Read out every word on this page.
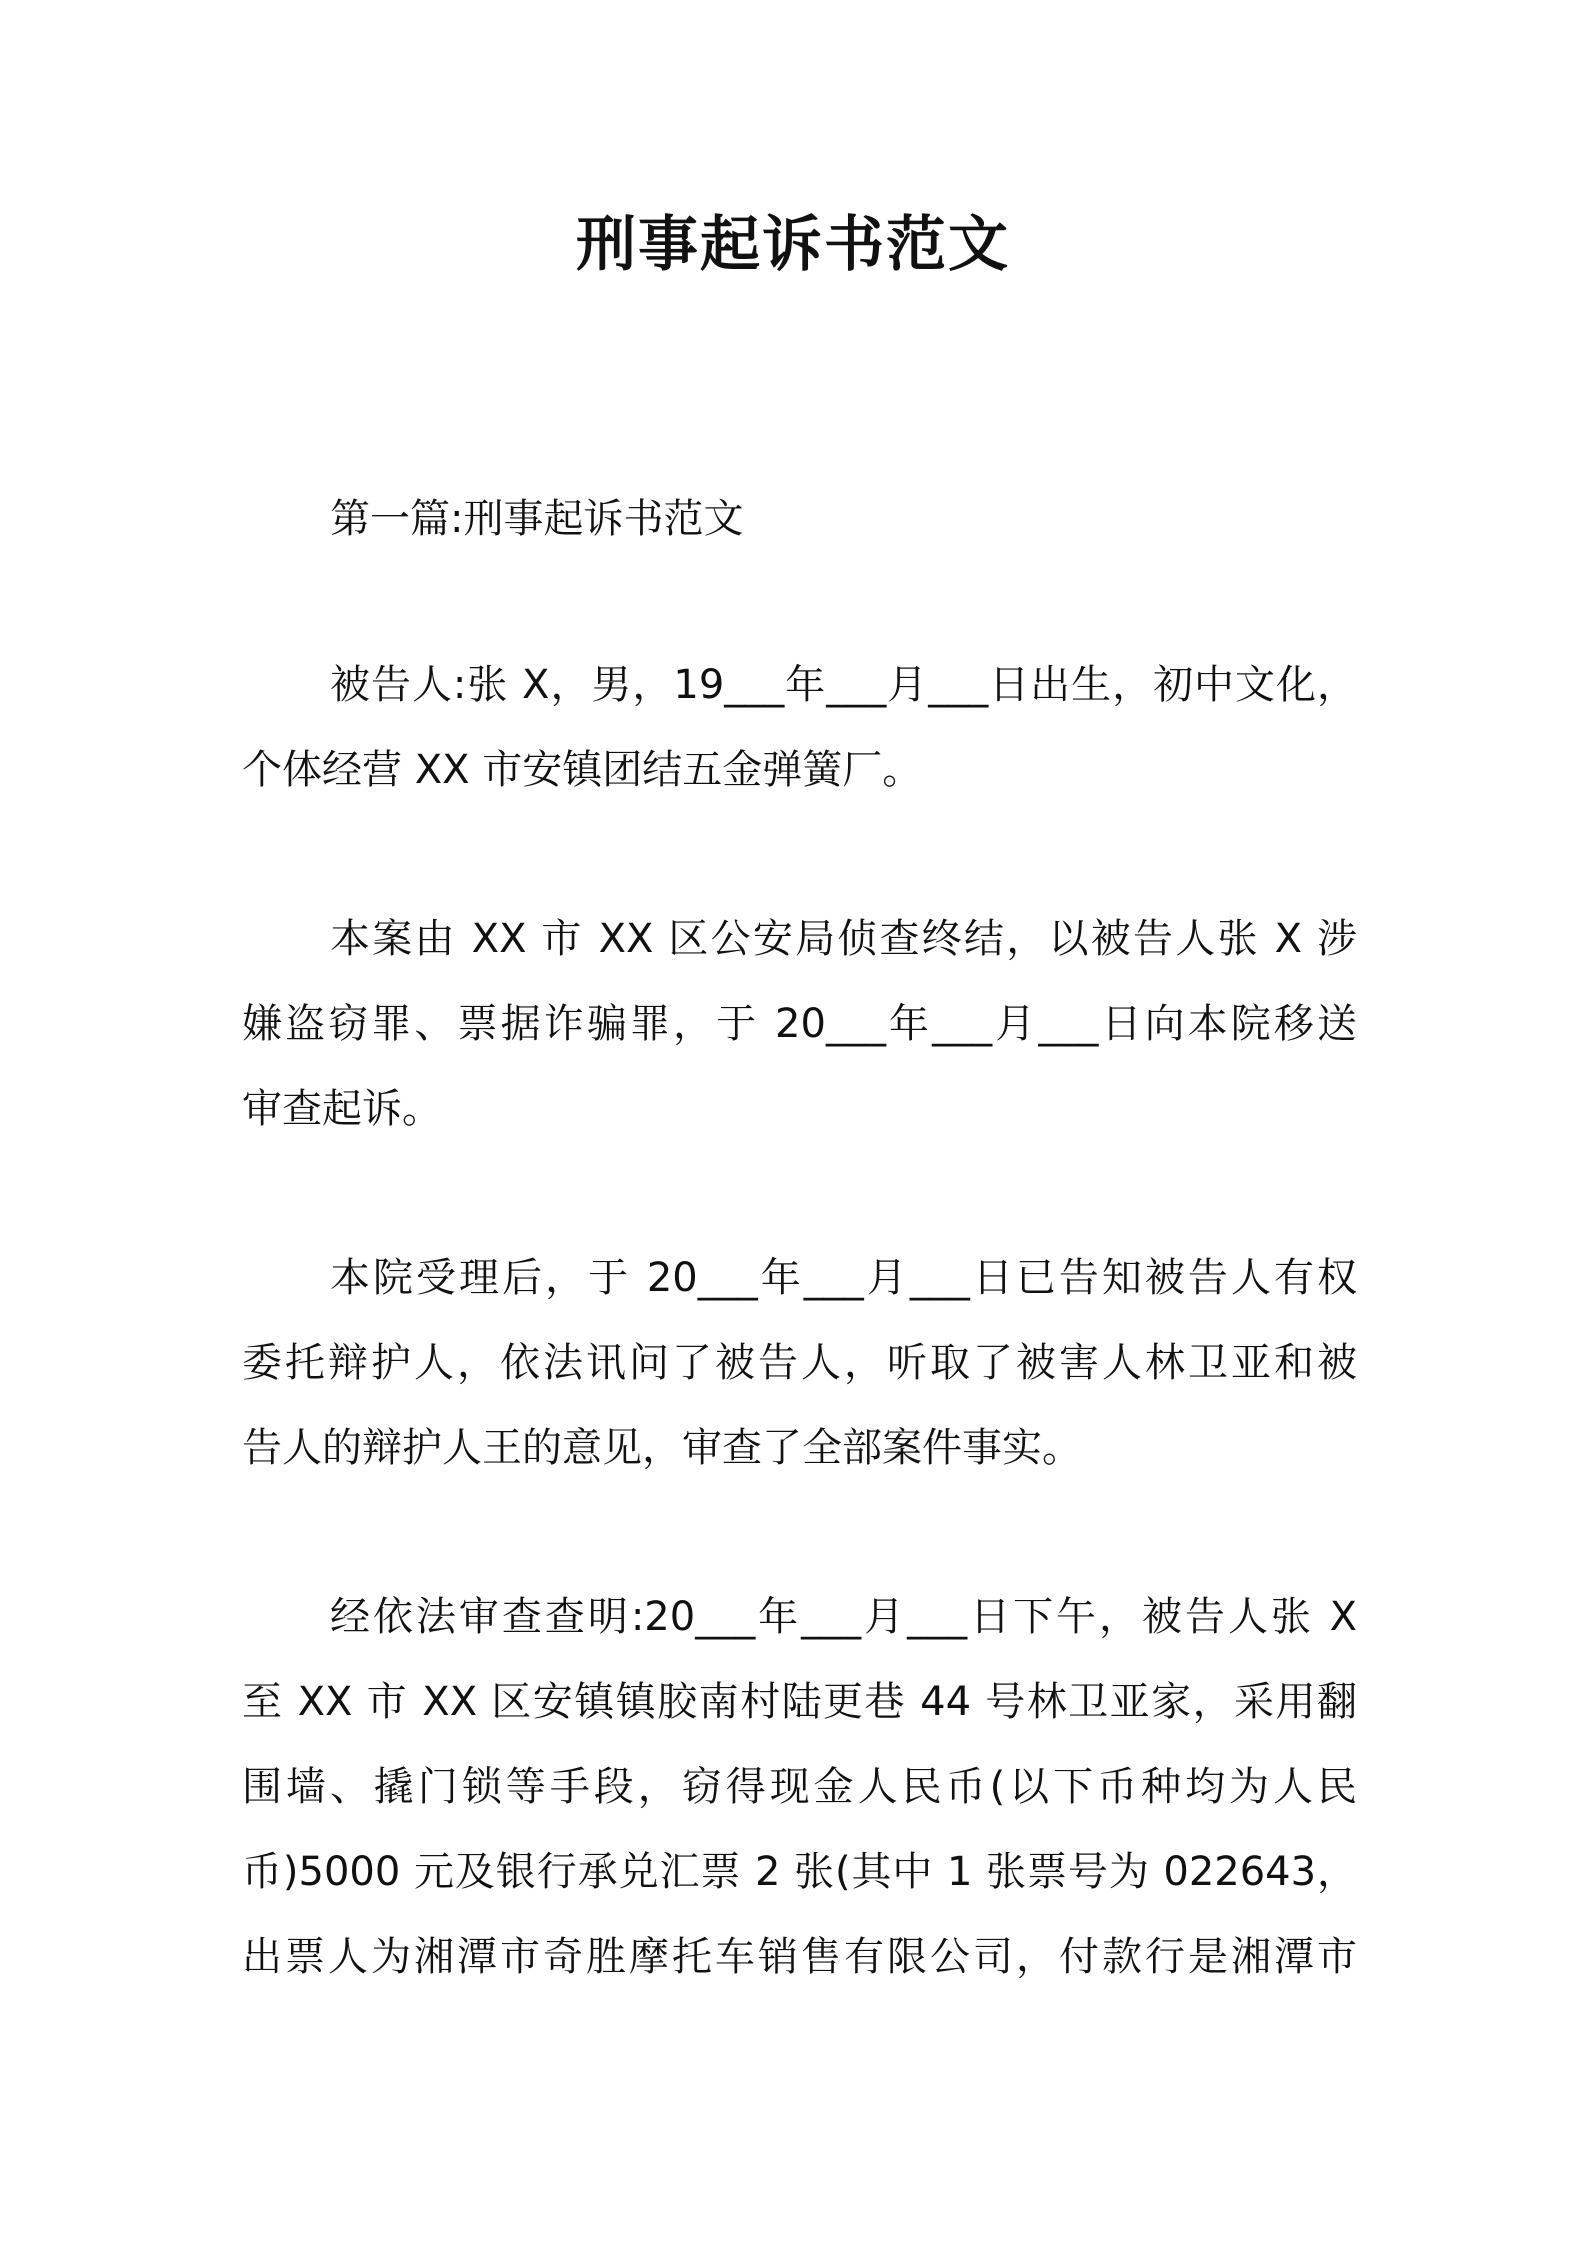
刑事起诉书范文

第一篇:刑事起诉书范文

被告人:张 X，男，19___年___月___日出生，初中文化，
个体经营 XX 市安镇团结五金弹簧厂。

本案由 XX 市 XX 区公安局侦查终结，以被告人张 X 涉
嫌盗窃罪、票据诈骗罪，于 20___年___月___日向本院移送
审查起诉。

本院受理后，于 20___年___月___日已告知被告人有权
委托辩护人，依法讯问了被告人，听取了被害人林卫亚和被
告人的辩护人王的意见，审查了全部案件事实。

经依法审查查明:20___年___月___日下午，被告人张 X
至 XX 市 XX 区安镇镇胶南村陆更巷 44 号林卫亚家，采用翻
围墙、撬门锁等手段，窃得现金人民币(以下币种均为人民
币)5000 元及银行承兑汇票 2 张(其中 1 张票号为 022643，
出票人为湘潭市奇胜摩托车销售有限公司，付款行是湘潭市
